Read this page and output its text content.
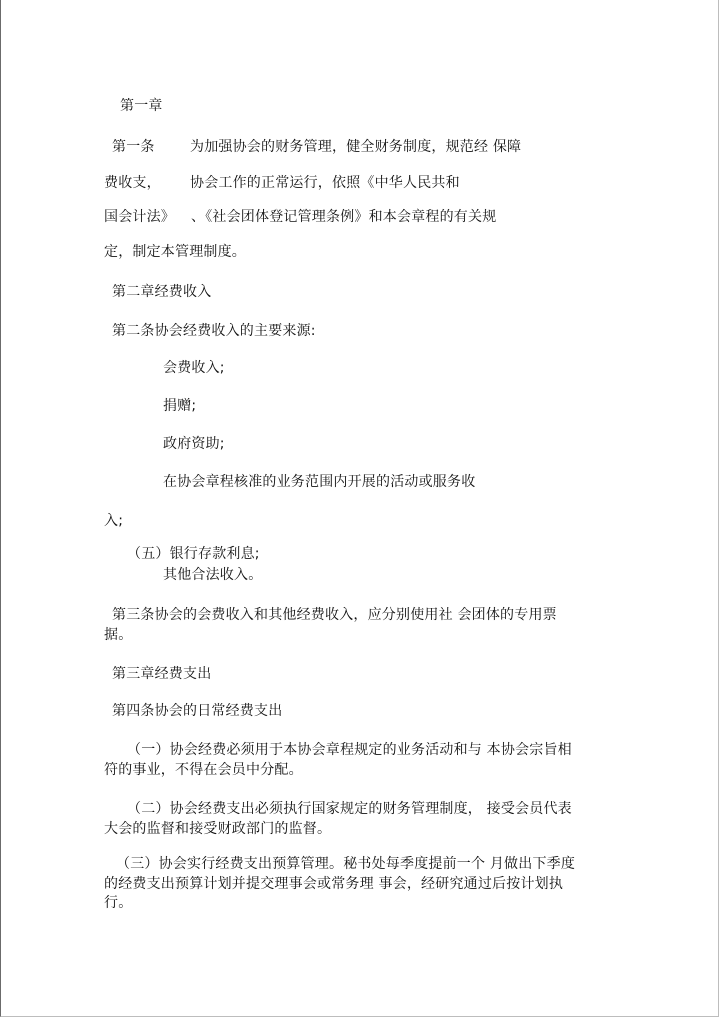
第一章
第一条	为加强协会的财务管理，健全财务制度，规范经 保障
费收支， 协会工作的正常运行，依照《中华人民共和
国会计法》 、《社会团体登记管理条例》和本会章程的有关规
定，制定本管理制度。
第二章经费收入
第二条协会经费收入的主要来源:
会费收入;
捐赠;
政府资助;
在协会章程核准的业务范围内开展的活动或服务收
入;
（五）银行存款利息;
其他合法收入。
第三条协会的会费收入和其他经费收入，应分别使用社 会团体的专用票
据。
第三章经费支出
第四条协会的日常经费支出
（一）协会经费必须用于本协会章程规定的业务活动和与 本协会宗旨相
符的事业，不得在会员中分配。
（二）协会经费支出必须执行国家规定的财务管理制度， 接受会员代表
大会的监督和接受财政部门的监督。
（三）协会实行经费支出预算管理。秘书处每季度提前一个 月做出下季度
的经费支出预算计划并提交理事会或常务理 事会，经研究通过后按计划执
行。
